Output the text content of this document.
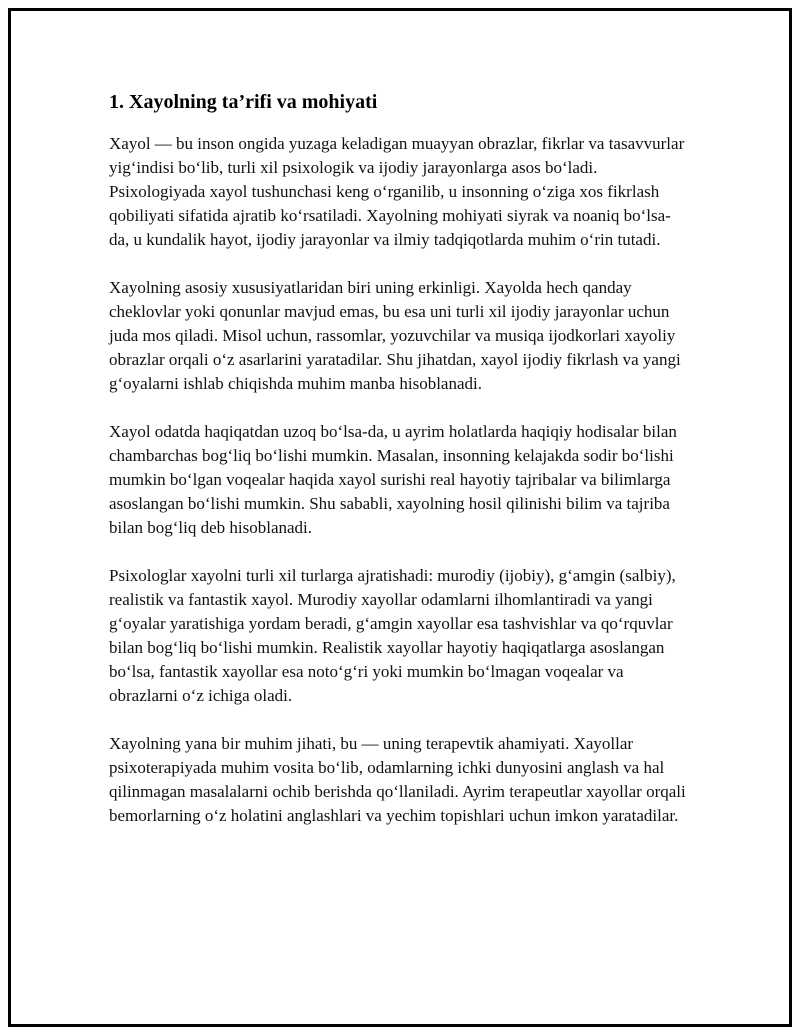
1. Xayolning ta’rifi va mohiyati

Xayol — bu inson ongida yuzaga keladigan muayyan obrazlar, fikrlar va tasavvurlar yig‘indisi bo‘lib, turli xil psixologik va ijodiy jarayonlarga asos bo‘ladi. Psixologiyada xayol tushunchasi keng o‘rganilib, u insonning o‘ziga xos fikrlash qobiliyati sifatida ajratib ko‘rsatiladi. Xayolning mohiyati siyrak va noaniq bo‘lsa-da, u kundalik hayot, ijodiy jarayonlar va ilmiy tadqiqotlarda muhim o‘rin tutadi.

Xayolning asosiy xususiyatlaridan biri uning erkinligi. Xayolda hech qanday cheklovlar yoki qonunlar mavjud emas, bu esa uni turli xil ijodiy jarayonlar uchun juda mos qiladi. Misol uchun, rassomlar, yozuvchilar va musiqa ijodkorlari xayoliy obrazlar orqali o‘z asarlarini yaratadilar. Shu jihatdan, xayol ijodiy fikrlash va yangi g‘oyalarni ishlab chiqishda muhim manba hisoblanadi.

Xayol odatda haqiqatdan uzoq bo‘lsa-da, u ayrim holatlarda haqiqiy hodisalar bilan chambarchas bog‘liq bo‘lishi mumkin. Masalan, insonning kelajakda sodir bo‘lishi mumkin bo‘lgan voqealar haqida xayol surishi real hayotiy tajribalar va bilimlarga asoslangan bo‘lishi mumkin. Shu sababli, xayolning hosil qilinishi bilim va tajriba bilan bog‘liq deb hisoblanadi.

Psixologlar xayolni turli xil turlarga ajratishadi: murodiy (ijobiy), g‘amgin (salbiy), realistik va fantastik xayol. Murodiy xayollar odamlarni ilhomlantiradi va yangi g‘oyalar yaratishiga yordam beradi, g‘amgin xayollar esa tashvishlar va qo‘rquvlar bilan bog‘liq bo‘lishi mumkin. Realistik xayollar hayotiy haqiqatlarga asoslangan bo‘lsa, fantastik xayollar esa noto‘g‘ri yoki mumkin bo‘lmagan voqealar va obrazlarni o‘z ichiga oladi.

Xayolning yana bir muhim jihati, bu — uning terapevtik ahamiyati. Xayollar psixoterapiyada muhim vosita bo‘lib, odamlarning ichki dunyosini anglash va hal qilinmagan masalalarni ochib berishda qo‘llaniladi. Ayrim terapeutlar xayollar orqali bemorlarning o‘z holatini anglashlari va yechim topishlari uchun imkon yaratadilar.
